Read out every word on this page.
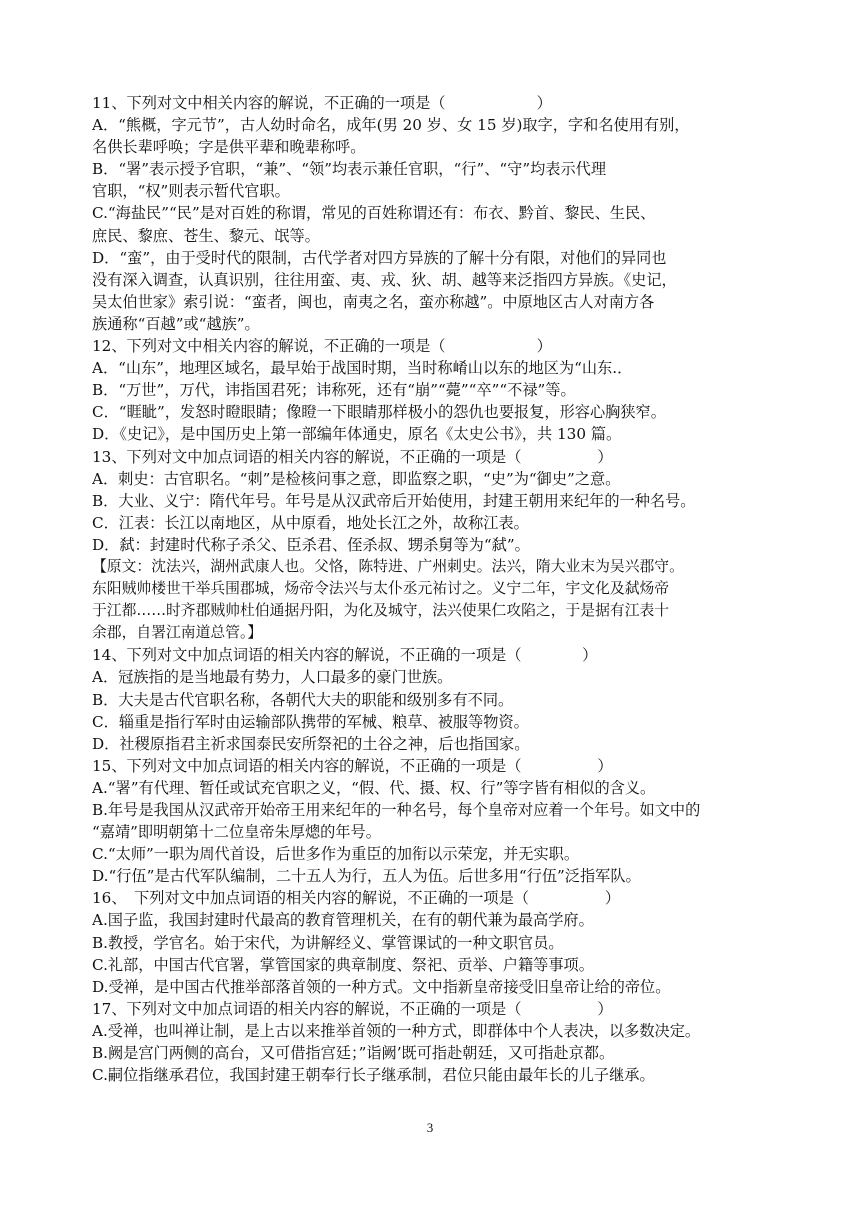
11、下列对文中相关内容的解说，不正确的一项是（　　　　　　）
A．“熊概，字元节”，古人幼时命名，成年(男 20 岁、女 15 岁)取字，字和名使用有别，
名供长辈呼唤；字是供平辈和晚辈称呼。
B．“署”表示授予官职，“兼”、“领”均表示兼任官职，“行”、“守”均表示代理
官职，“权”则表示暂代官职。
C.“海盐民”“民”是对百姓的称谓，常见的百姓称谓还有：布衣、黔首、黎民、生民、
庶民、黎庶、苍生、黎元、氓等。
D．“蛮”，由于受时代的限制，古代学者对四方异族的了解十分有限，对他们的异同也
没有深入调查，认真识别，往往用蛮、夷、戎、狄、胡、越等来泛指四方异族。《史记，
吴太伯世家》索引说：“蛮者，闽也，南夷之名，蛮亦称越”。中原地区古人对南方各
族通称“百越”或“越族”。
12、下列对文中相关内容的解说，不正确的一项是（　　　　　　）
A．“山东”，地理区域名，最早始于战国时期，当时称崤山以东的地区为“山东.．
B．“万世”，万代，讳指国君死；讳称死，还有“崩”“薨”“卒”“不禄”等。
C．“睚眦”，发怒时瞪眼睛；像瞪一下眼睛那样极小的怨仇也要报复，形容心胸狭窄。
D．《史记》，是中国历史上第一部编年体通史，原名《太史公书》，共 130 篇。
13、下列对文中加点词语的相关内容的解说，不正确的一项是（　　　　　）
A．刺史：古官职名。“刺”是检核问事之意，即监察之职，“史”为“御史”之意。
B．大业、义宁：隋代年号。年号是从汉武帝后开始使用，封建王朝用来纪年的一种名号。
C．江表：长江以南地区，从中原看，地处长江之外，故称江表。
D．弑：封建时代称子杀父、臣杀君、侄杀叔、甥杀舅等为“弑”。
【原文：沈法兴，湖州武康人也。父恪，陈特进、广州刺史。法兴，隋大业末为吴兴郡守。
东阳贼帅楼世干举兵围郡城，炀帝令法兴与太仆丞元祐讨之。义宁二年，宇文化及弑炀帝
于江都……时齐郡贼帅杜伯通据丹阳，为化及城守，法兴使果仁攻陷之，于是据有江表十
余郡，自署江南道总管。】
14、下列对文中加点词语的相关内容的解说，不正确的一项是（　　　　）
A．冠族指的是当地最有势力，人口最多的豪门世族。
B．大夫是古代官职名称，各朝代大夫的职能和级别多有不同。
C．辎重是指行军时由运输部队携带的军械、粮草、被服等物资。
D．社稷原指君主祈求国泰民安所祭祀的土谷之神，后也指国家。
15、下列对文中加点词语的相关内容的解说，不正确的一项是（　　　　　）
A.“署”有代理、暂任或试充官职之义，“假、代、摄、权、行”等字皆有相似的含义。
B.年号是我国从汉武帝开始帝王用来纪年的一种名号，每个皇帝对应着一个年号。如文中的
“嘉靖”即明朝第十二位皇帝朱厚熜的年号。
C.“太师”一职为周代首设，后世多作为重臣的加衔以示荣宠，并无实职。
D.“行伍”是古代军队编制，二十五人为行，五人为伍。后世多用“行伍”泛指军队。
16、　下列对文中加点词语的相关内容的解说，不正确的一项是（　　　　　）
A.国子监，我国封建时代最高的教育管理机关，在有的朝代兼为最高学府。
B.教授，学官名。始于宋代，为讲解经义、掌管课试的一种文职官员。
C.礼部，中国古代官署，掌管国家的典章制度、祭祀、贡举、户籍等事项。
D.受禅，是中国古代推举部落首领的一种方式。文中指新皇帝接受旧皇帝让给的帝位。
17、下列对文中加点词语的相关内容的解说，不正确的一项是（　　　　　）
A.受禅，也叫禅让制，是上古以来推举首领的一种方式，即群体中个人表决，以多数决定。
B.阙是宫门两侧的高台，又可借指宫廷；”诣阙’既可指赴朝廷，又可指赴京都。
C.嗣位指继承君位，我国封建王朝奉行长子继承制，君位只能由最年长的儿子继承。
3
